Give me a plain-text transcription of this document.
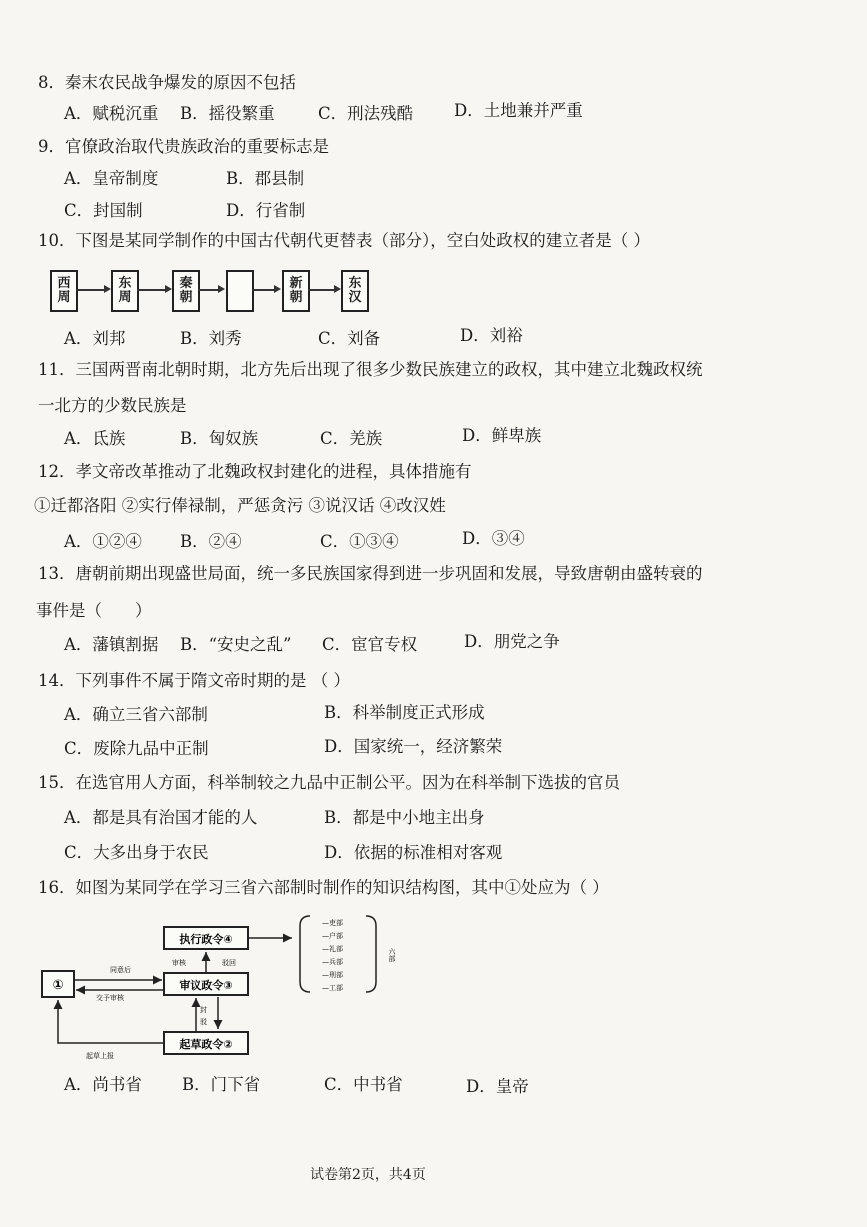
8．秦末农民战争爆发的原因不包括
A．赋税沉重 B．摇役繁重	C．刑法残酷 D．土地兼并严重
9．官僚政治取代贵族政治的重要标志是
A．皇帝制度	B．郡县制
C．封国制	D．行省制
10．下图是某同学制作的中国古代朝代更替表（部分），空白处政权的建立者是（ ）
西周
东周
秦朝
新朝
东汉
A．刘邦	B．刘秀	C．刘备	D．刘裕
11．三国两晋南北朝时期，北方先后出现了很多少数民族建立的政权，其中建立北魏政权统
一北方的少数民族是
A．氐族	B．匈奴族	C．羌族	D．鲜卑族
12．孝文帝改革推动了北魏政权封建化的进程，具体措施有
①迁都洛阳 ②实行俸禄制，严惩贪污 ③说汉话 ④改汉姓
A．①②④ B．②④	C．①③④	D．③④
13．唐朝前期出现盛世局面，统一多民族国家得到进一步巩固和发展，导致唐朝由盛转衰的
事件是（　　）
A．藩镇割据 B．“安史之乱” C．宦官专权	D．朋党之争
14．下列事件不属于隋文帝时期的是 （ ）
A．确立三省六部制	B．科举制度正式形成
C．废除九品中正制	D．国家统一，经济繁荣
15．在选官用人方面，科举制较之九品中正制公平。因为在科举制下选拔的官员
A．都是具有治国才能的人	B．都是中小地主出身
C．大多出身于农民	D．依据的标准相对客观
16．如图为某同学在学习三省六部制时制作的知识结构图，其中①处应为（ ）
①
执行政令④
审议政令③
起草政令②
同意后
交予审核
审核	驳回
封
驳
起草上报
—吏部
—户部
—礼部
—兵部
—刑部
—工部
六部
A．尚书省 B．门下省	C．中书省	D．皇帝
试卷第2页，共4页
